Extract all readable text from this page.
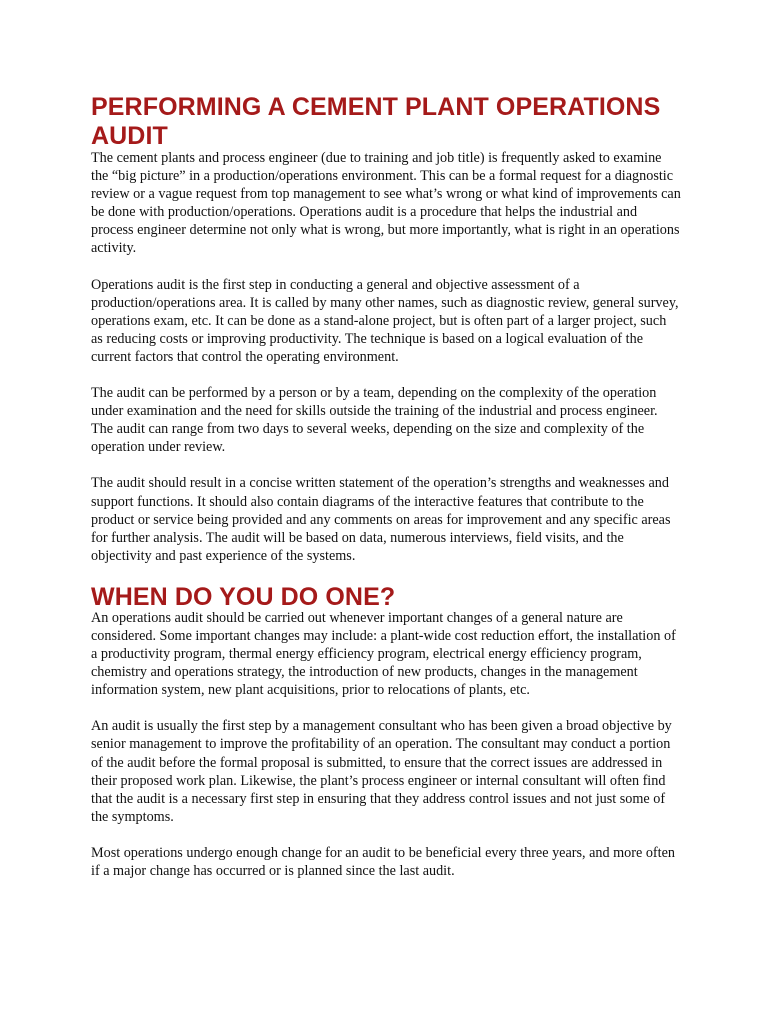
PERFORMING A CEMENT PLANT OPERATIONS AUDIT

The cement plants and process engineer (due to training and job title) is frequently asked to examine the “big picture” in a production/operations environment. This can be a formal request for a diagnostic review or a vague request from top management to see what’s wrong or what kind of improvements can be done with production/operations. Operations audit is a procedure that helps the industrial and process engineer determine not only what is wrong, but more importantly, what is right in an operations activity.

Operations audit is the first step in conducting a general and objective assessment of a production/operations area. It is called by many other names, such as diagnostic review, general survey, operations exam, etc. It can be done as a stand-alone project, but is often part of a larger project, such as reducing costs or improving productivity. The technique is based on a logical evaluation of the current factors that control the operating environment.

The audit can be performed by a person or by a team, depending on the complexity of the operation under examination and the need for skills outside the training of the industrial and process engineer. The audit can range from two days to several weeks, depending on the size and complexity of the operation under review.

The audit should result in a concise written statement of the operation’s strengths and weaknesses and support functions. It should also contain diagrams of the interactive features that contribute to the product or service being provided and any comments on areas for improvement and any specific areas for further analysis. The audit will be based on data, numerous interviews, field visits, and the objectivity and past experience of the systems.

WHEN DO YOU DO ONE?

An operations audit should be carried out whenever important changes of a general nature are considered. Some important changes may include: a plant-wide cost reduction effort, the installation of a productivity program, thermal energy efficiency program, electrical energy efficiency program, chemistry and operations strategy, the introduction of new products, changes in the management information system, new plant acquisitions, prior to relocations of plants, etc.

An audit is usually the first step by a management consultant who has been given a broad objective by senior management to improve the profitability of an operation. The consultant may conduct a portion of the audit before the formal proposal is submitted, to ensure that the correct issues are addressed in their proposed work plan. Likewise, the plant’s process engineer or internal consultant will often find that the audit is a necessary first step in ensuring that they address control issues and not just some of the symptoms.

Most operations undergo enough change for an audit to be beneficial every three years, and more often if a major change has occurred or is planned since the last audit.
